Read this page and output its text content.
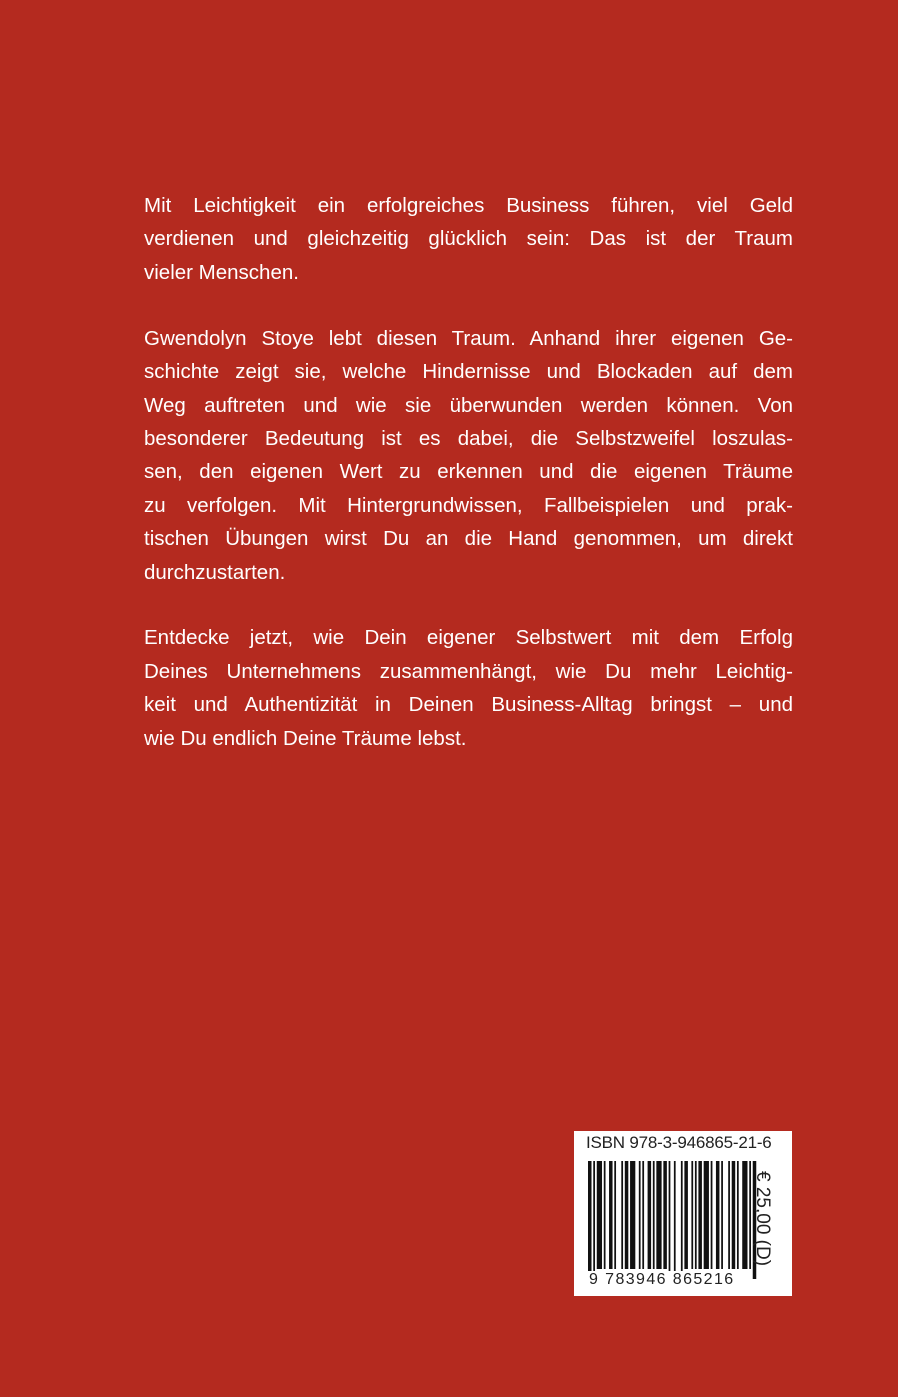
Mit Leichtigkeit ein erfolgreiches Business führen, viel Geld
verdienen und gleichzeitig glücklich sein: Das ist der Traum
vieler Menschen.

Gwendolyn Stoye lebt diesen Traum. Anhand ihrer eigenen Ge-
schichte zeigt sie, welche Hindernisse und Blockaden auf dem
Weg auftreten und wie sie überwunden werden können. Von
besonderer Bedeutung ist es dabei, die Selbstzweifel loszulas-
sen, den eigenen Wert zu erkennen und die eigenen Träume
zu verfolgen. Mit Hintergrundwissen, Fallbeispielen und prak-
tischen Übungen wirst Du an die Hand genommen, um direkt
durchzustarten.

Entdecke jetzt, wie Dein eigener Selbstwert mit dem Erfolg
Deines Unternehmens zusammenhängt, wie Du mehr Leichtig-
keit und Authentizität in Deinen Business-Alltag bringst – und
wie Du endlich Deine Träume lebst.

ISBN 978-3-946865-21-6
9 783946 865216
€ 25,00 (D)
